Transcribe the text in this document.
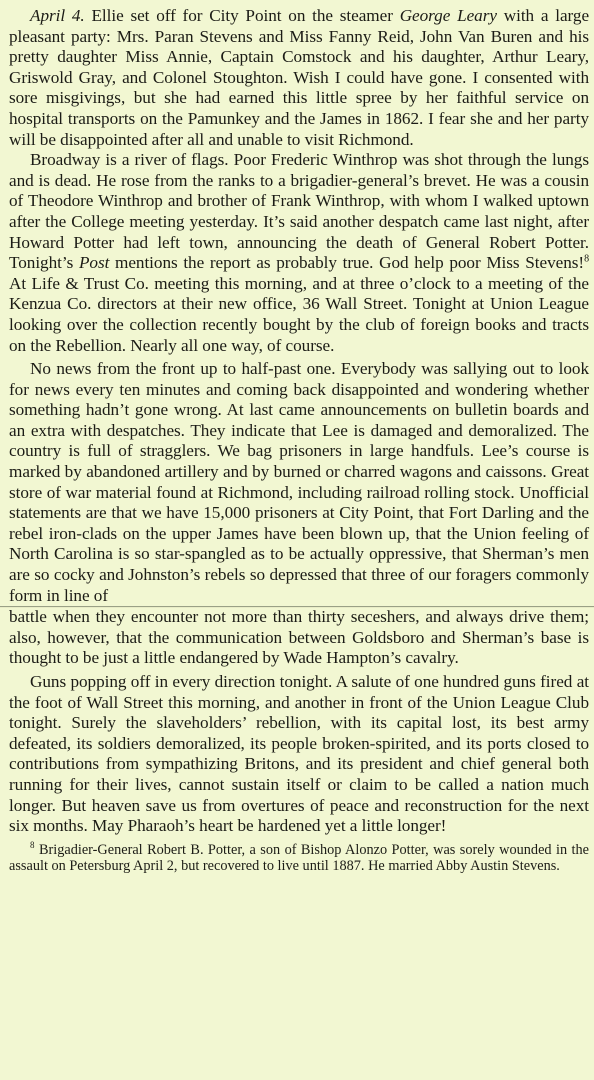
April 4. Ellie set off for City Point on the steamer George Leary with a large pleasant party: Mrs. Paran Stevens and Miss Fanny Reid, John Van Buren and his pretty daughter Miss Annie, Captain Comstock and his daughter, Arthur Leary, Griswold Gray, and Colonel Stoughton. Wish I could have gone. I consented with sore misgivings, but she had earned this little spree by her faithful service on hospital transports on the Pamunkey and the James in 1862. I fear she and her party will be disappointed after all and unable to visit Richmond.

Broadway is a river of flags. Poor Frederic Winthrop was shot through the lungs and is dead. He rose from the ranks to a brigadier-general’s brevet. He was a cousin of Theodore Winthrop and brother of Frank Winthrop, with whom I walked uptown after the College meeting yesterday. It’s said another despatch came last night, after Howard Potter had left town, announcing the death of General Robert Potter. Tonight’s Post mentions the report as probably true. God help poor Miss Stevens!$^8$ At Life & Trust Co. meeting this morning, and at three o’clock to a meeting of the Kenzua Co. directors at their new office, 36 Wall Street. Tonight at Union League looking over the collection recently bought by the club of foreign books and tracts on the Rebellion. Nearly all one way, of course.

No news from the front up to half-past one. Everybody was sallying out to look for news every ten minutes and coming back disappointed and wondering whether something hadn’t gone wrong. At last came announcements on bulletin boards and an extra with despatches. They indicate that Lee is damaged and demoralized. The country is full of stragglers. We bag prisoners in large handfuls. Lee’s course is marked by abandoned artillery and by burned or charred wagons and caissons. Great store of war material found at Richmond, including railroad rolling stock. Unofficial statements are that we have 15,000 prisoners at City Point, that Fort Darling and the rebel iron-clads on the upper James have been blown up, that the Union feeling of North Carolina is so star-spangled as to be actually oppressive, that Sherman’s men are so cocky and Johnston’s rebels so depressed that three of our foragers commonly form in line of

battle when they encounter not more than thirty seceshers, and always drive them; also, however, that the communication between Goldsboro and Sherman’s base is thought to be just a little endangered by Wade Hampton’s cavalry.

Guns popping off in every direction tonight. A salute of one hundred guns fired at the foot of Wall Street this morning, and another in front of the Union League Club tonight. Surely the slaveholders’ rebellion, with its capital lost, its best army defeated, its soldiers demoralized, its people broken-spirited, and its ports closed to contributions from sympathizing Britons, and its president and chief general both running for their lives, cannot sustain itself or claim to be called a nation much longer. But heaven save us from overtures of peace and reconstruction for the next six months. May Pharaoh’s heart be hardened yet a little longer!

$^8$ Brigadier-General Robert B. Potter, a son of Bishop Alonzo Potter, was sorely wounded in the assault on Petersburg April 2, but recovered to live until 1887. He married Abby Austin Stevens.
